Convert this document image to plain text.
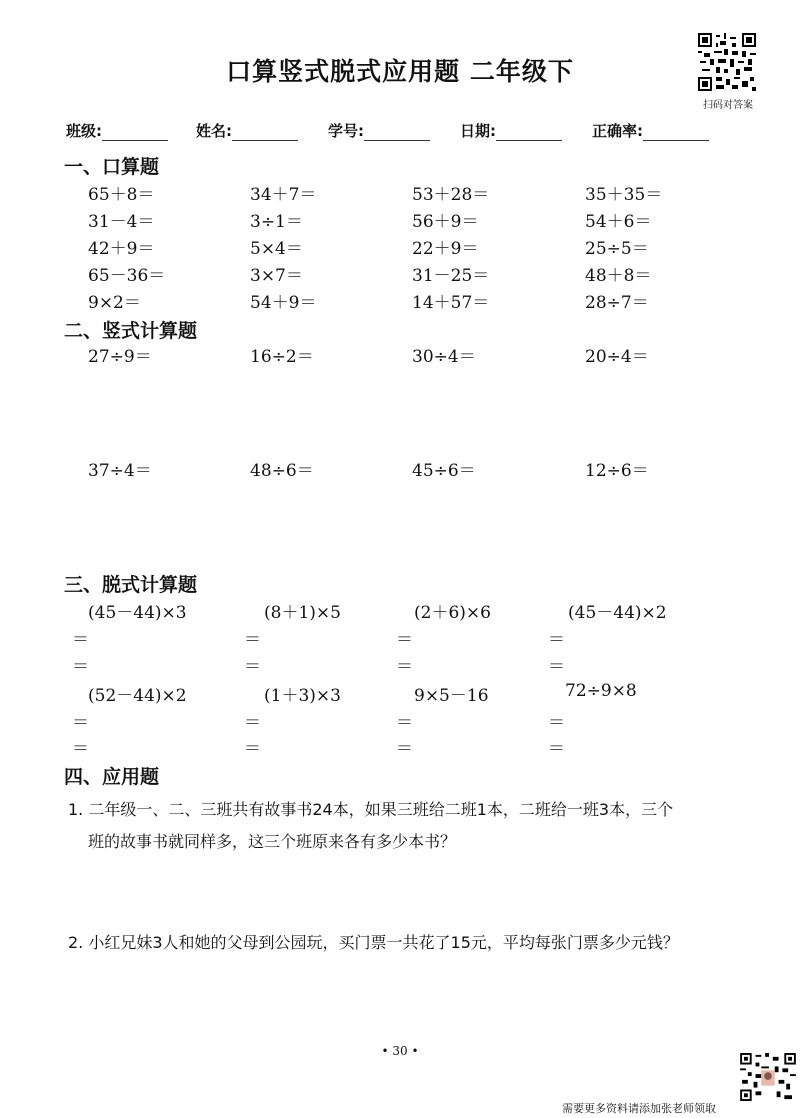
口算竖式脱式应用题 二年级下
扫码对答案
班级:	姓名:	学号:	日期:	正确率:
一、口算题
65＋8＝	34＋7＝	53＋28＝	35＋35＝
31－4＝	3÷1＝	56＋9＝	54＋6＝
42＋9＝	5×4＝	22＋9＝	25÷5＝
65－36＝	3×7＝	31－25＝	48＋8＝
9×2＝	54＋9＝	14＋57＝	28÷7＝
二、竖式计算题
27÷9＝	16÷2＝	30÷4＝	20÷4＝
37÷4＝	48÷6＝	45÷6＝	12÷6＝
三、脱式计算题
(45－44)×3	(8＋1)×5	(2＋6)×6	(45－44)×2
＝	＝	＝	＝
＝	＝	＝	＝
(52－44)×2	(1＋3)×3	9×5－16	72÷9×8
＝	＝	＝	＝
＝	＝	＝	＝
四、应用题
1. 二年级一、二、三班共有故事书24本，如果三班给二班1本，二班给一班3本，三个
班的故事书就同样多，这三个班原来各有多少本书？
2. 小红兄妹3人和她的父母到公园玩，买门票一共花了15元，平均每张门票多少元钱？
• 30 •
需要更多资料请添加张老师领取
